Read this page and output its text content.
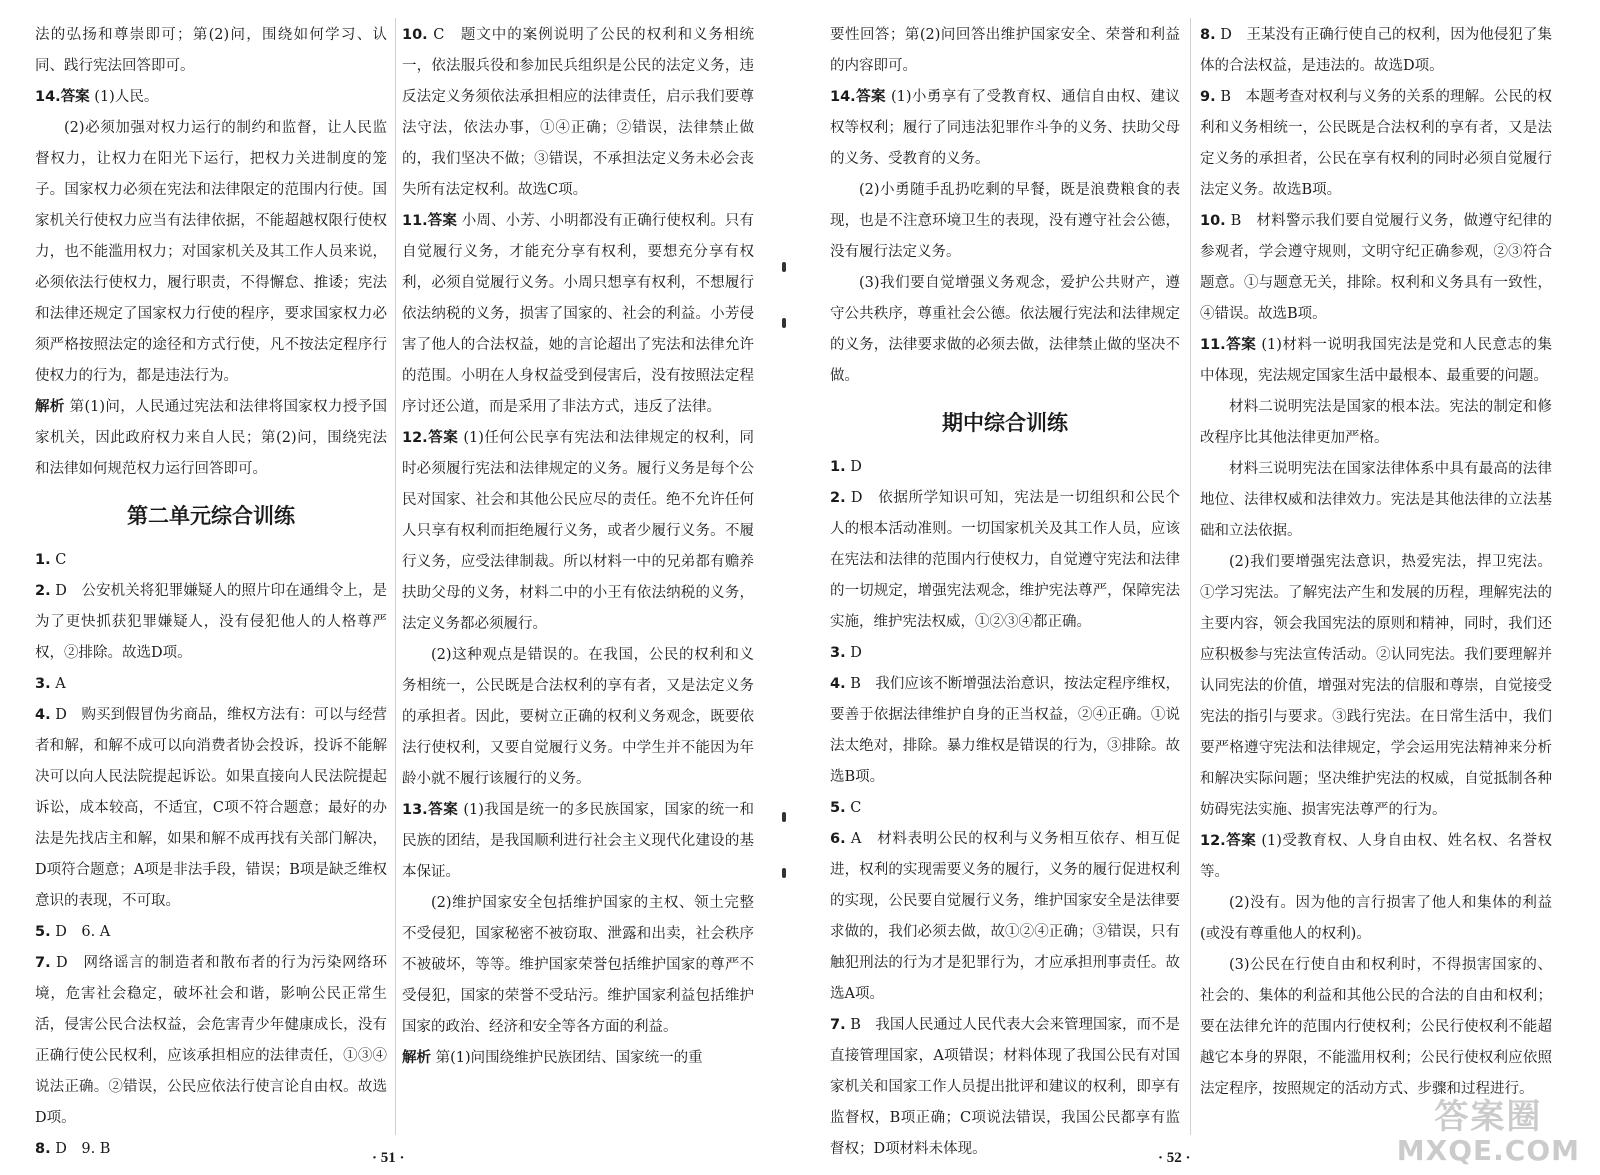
法的弘扬和尊崇即可；第(2)问，围绕如何学习、认同、践行宪法回答即可。

14.答案 (1)人民。

(2)必须加强对权力运行的制约和监督，让人民监督权力，让权力在阳光下运行，把权力关进制度的笼子。国家权力必须在宪法和法律限定的范围内行使。国家机关行使权力应当有法律依据，不能超越权限行使权力，也不能滥用权力；对国家机关及其工作人员来说，必须依法行使权力，履行职责，不得懈怠、推诿；宪法和法律还规定了国家权力行使的程序，要求国家权力必须严格按照法定的途径和方式行使，凡不按法定程序行使权力的行为，都是违法行为。

解析 第(1)问，人民通过宪法和法律将国家权力授予国家机关，因此政府权力来自人民；第(2)问，围绕宪法和法律如何规范权力运行回答即可。

第二单元综合训练

1. C

2. D　公安机关将犯罪嫌疑人的照片印在通缉令上，是为了更快抓获犯罪嫌疑人，没有侵犯他人的人格尊严权，②排除。故选D项。

3. A

4. D　购买到假冒伪劣商品，维权方法有：可以与经营者和解，和解不成可以向消费者协会投诉，投诉不能解决可以向人民法院提起诉讼。如果直接向人民法院提起诉讼，成本较高，不适宜，C项不符合题意；最好的办法是先找店主和解，如果和解不成再找有关部门解决，D项符合题意；A项是非法手段，错误；B项是缺乏维权意识的表现，不可取。

5. D　6. A

7. D　网络谣言的制造者和散布者的行为污染网络环境，危害社会稳定，破坏社会和谐，影响公民正常生活，侵害公民合法权益，会危害青少年健康成长，没有正确行使公民权利，应该承担相应的法律责任，①③④说法正确。②错误，公民应依法行使言论自由权。故选D项。

8. D　9. B

10. C　题文中的案例说明了公民的权利和义务相统一，依法服兵役和参加民兵组织是公民的法定义务，违反法定义务须依法承担相应的法律责任，启示我们要尊法守法，依法办事，①④正确；②错误，法律禁止做的，我们坚决不做；③错误，不承担法定义务未必会丧失所有法定权利。故选C项。

11.答案 小周、小芳、小明都没有正确行使权利。只有自觉履行义务，才能充分享有权利，要想充分享有权利，必须自觉履行义务。小周只想享有权利，不想履行依法纳税的义务，损害了国家的、社会的利益。小芳侵害了他人的合法权益，她的言论超出了宪法和法律允许的范围。小明在人身权益受到侵害后，没有按照法定程序讨还公道，而是采用了非法方式，违反了法律。

12.答案 (1)任何公民享有宪法和法律规定的权利，同时必须履行宪法和法律规定的义务。履行义务是每个公民对国家、社会和其他公民应尽的责任。绝不允许任何人只享有权利而拒绝履行义务，或者少履行义务。不履行义务，应受法律制裁。所以材料一中的兄弟都有赡养扶助父母的义务，材料二中的小王有依法纳税的义务，法定义务都必须履行。

(2)这种观点是错误的。在我国，公民的权利和义务相统一，公民既是合法权利的享有者，又是法定义务的承担者。因此，要树立正确的权利义务观念，既要依法行使权利，又要自觉履行义务。中学生并不能因为年龄小就不履行该履行的义务。

13.答案 (1)我国是统一的多民族国家，国家的统一和民族的团结，是我国顺利进行社会主义现代化建设的基本保证。

(2)维护国家安全包括维护国家的主权、领土完整不受侵犯，国家秘密不被窃取、泄露和出卖，社会秩序不被破坏，等等。维护国家荣誉包括维护国家的尊严不受侵犯，国家的荣誉不受玷污。维护国家利益包括维护国家的政治、经济和安全等各方面的利益。

解析 第(1)问围绕维护民族团结、国家统一的重

· 51 ·

要性回答；第(2)问回答出维护国家安全、荣誉和利益的内容即可。

14.答案 (1)小勇享有了受教育权、通信自由权、建议权等权利；履行了同违法犯罪作斗争的义务、扶助父母的义务、受教育的义务。

(2)小勇随手乱扔吃剩的早餐，既是浪费粮食的表现，也是不注意环境卫生的表现，没有遵守社会公德，没有履行法定义务。

(3)我们要自觉增强义务观念，爱护公共财产，遵守公共秩序，尊重社会公德。依法履行宪法和法律规定的义务，法律要求做的必须去做，法律禁止做的坚决不做。

期中综合训练

1. D

2. D　依据所学知识可知，宪法是一切组织和公民个人的根本活动准则。一切国家机关及其工作人员，应该在宪法和法律的范围内行使权力，自觉遵守宪法和法律的一切规定，增强宪法观念，维护宪法尊严，保障宪法实施，维护宪法权威，①②③④都正确。

3. D

4. B　我们应该不断增强法治意识，按法定程序维权，要善于依据法律维护自身的正当权益，②④正确。①说法太绝对，排除。暴力维权是错误的行为，③排除。故选B项。

5. C

6. A　材料表明公民的权利与义务相互依存、相互促进，权利的实现需要义务的履行，义务的履行促进权利的实现，公民要自觉履行义务，维护国家安全是法律要求做的，我们必须去做，故①②④正确；③错误，只有触犯刑法的行为才是犯罪行为，才应承担刑事责任。故选A项。

7. B　我国人民通过人民代表大会来管理国家，而不是直接管理国家，A项错误；材料体现了我国公民有对国家机关和国家工作人员提出批评和建议的权利，即享有监督权，B项正确；C项说法错误，我国公民都享有监督权；D项材料未体现。

8. D　王某没有正确行使自己的权利，因为他侵犯了集体的合法权益，是违法的。故选D项。

9. B　本题考查对权利与义务的关系的理解。公民的权利和义务相统一，公民既是合法权利的享有者，又是法定义务的承担者，公民在享有权利的同时必须自觉履行法定义务。故选B项。

10. B　材料警示我们要自觉履行义务，做遵守纪律的参观者，学会遵守规则，文明守纪正确参观，②③符合题意。①与题意无关，排除。权利和义务具有一致性，④错误。故选B项。

11.答案 (1)材料一说明我国宪法是党和人民意志的集中体现，宪法规定国家生活中最根本、最重要的问题。

材料二说明宪法是国家的根本法。宪法的制定和修改程序比其他法律更加严格。

材料三说明宪法在国家法律体系中具有最高的法律地位、法律权威和法律效力。宪法是其他法律的立法基础和立法依据。

(2)我们要增强宪法意识，热爱宪法，捍卫宪法。①学习宪法。了解宪法产生和发展的历程，理解宪法的主要内容，领会我国宪法的原则和精神，同时，我们还应积极参与宪法宣传活动。②认同宪法。我们要理解并认同宪法的价值，增强对宪法的信服和尊崇，自觉接受宪法的指引与要求。③践行宪法。在日常生活中，我们要严格遵守宪法和法律规定，学会运用宪法精神来分析和解决实际问题；坚决维护宪法的权威，自觉抵制各种妨碍宪法实施、损害宪法尊严的行为。

12.答案 (1)受教育权、人身自由权、姓名权、名誉权等。

(2)没有。因为他的言行损害了他人和集体的利益(或没有尊重他人的权利)。

(3)公民在行使自由和权利时，不得损害国家的、社会的、集体的利益和其他公民的合法的自由和权利；要在法律允许的范围内行使权利；公民行使权利不能超越它本身的界限，不能滥用权利；公民行使权利应依照法定程序，按照规定的活动方式、步骤和过程进行。

· 52 ·
答案圈
MXQE.COM
